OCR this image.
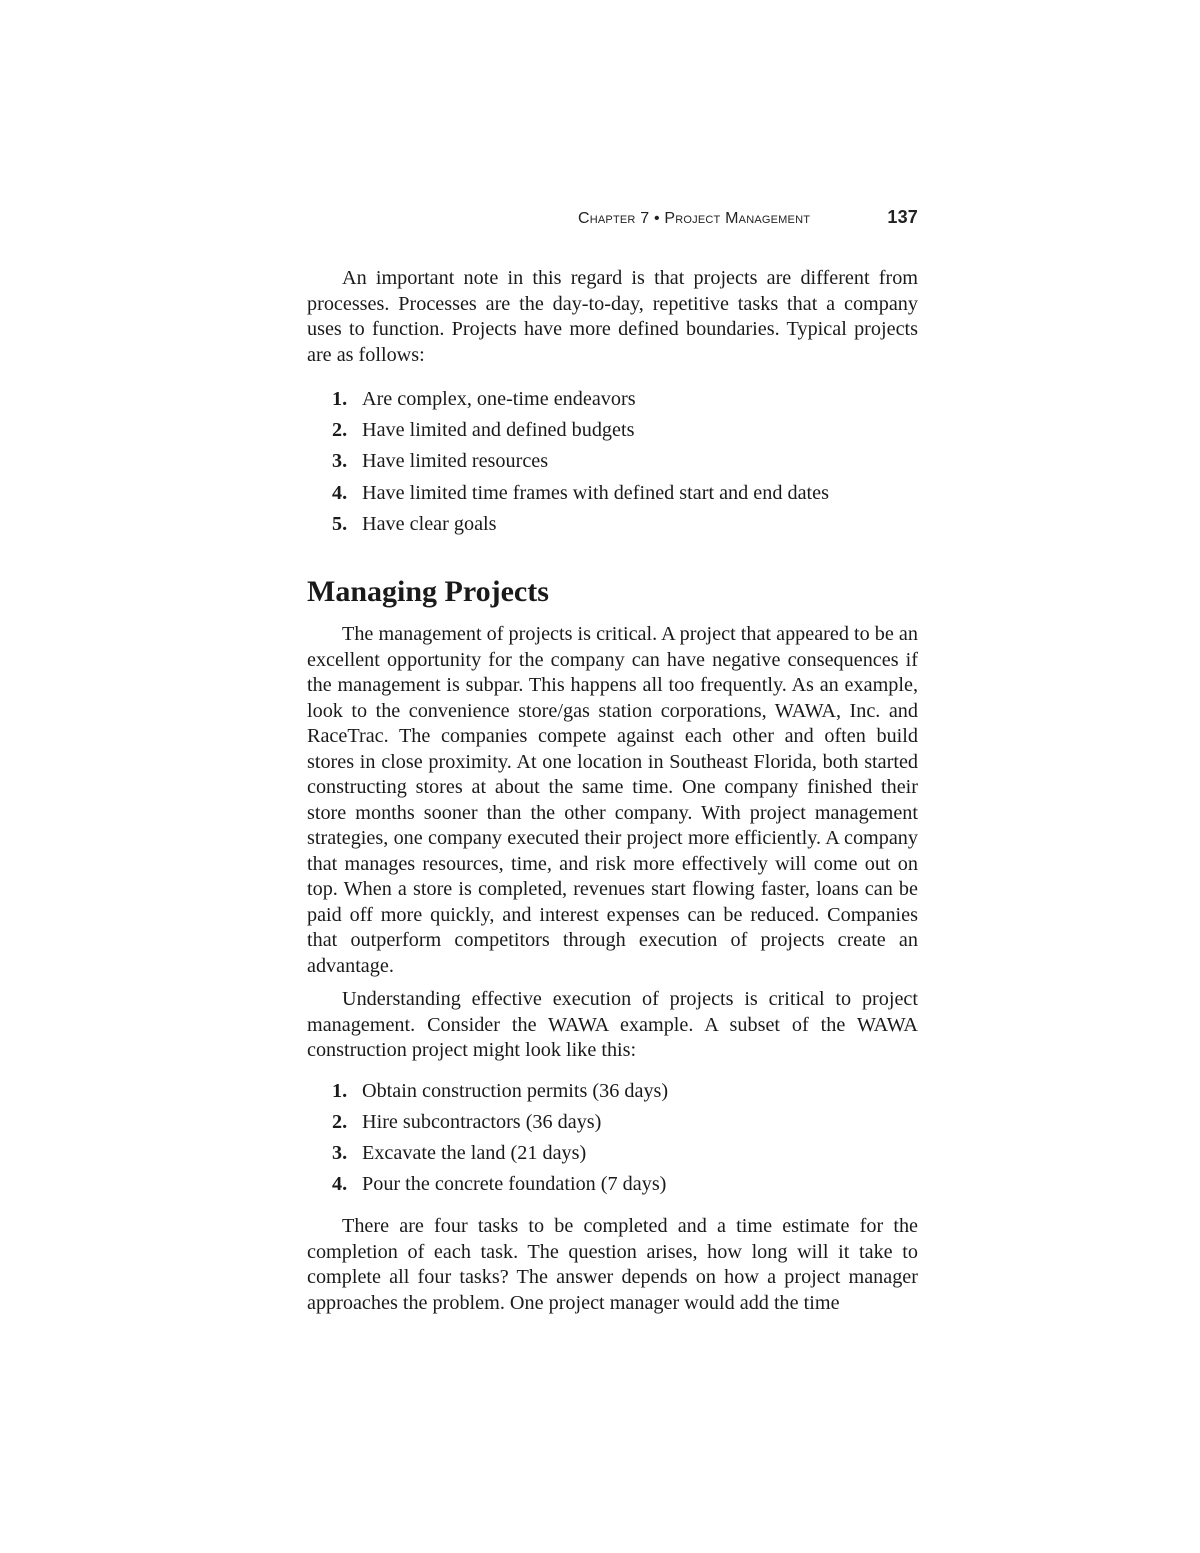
Chapter 7 • Project Management	137

An important note in this regard is that projects are different from processes. Processes are the day-to-day, repetitive tasks that a company uses to function. Projects have more defined boundaries. Typical projects are as follows:

1. Are complex, one-time endeavors
2. Have limited and defined budgets
3. Have limited resources
4. Have limited time frames with defined start and end dates
5. Have clear goals
Managing Projects

The management of projects is critical. A project that appeared to be an excellent opportunity for the company can have negative consequences if the management is subpar. This happens all too frequently. As an example, look to the convenience store/gas station corporations, WAWA, Inc. and RaceTrac. The companies compete against each other and often build stores in close proximity. At one location in Southeast Florida, both started constructing stores at about the same time. One company finished their store months sooner than the other company. With project management strategies, one company executed their project more efficiently. A company that manages resources, time, and risk more effectively will come out on top. When a store is completed, revenues start flowing faster, loans can be paid off more quickly, and interest expenses can be reduced. Companies that outperform competitors through execution of projects create an advantage.

Understanding effective execution of projects is critical to project management. Consider the WAWA example. A subset of the WAWA construction project might look like this:

1. Obtain construction permits (36 days)
2. Hire subcontractors (36 days)
3. Excavate the land (21 days)
4. Pour the concrete foundation (7 days)

There are four tasks to be completed and a time estimate for the completion of each task. The question arises, how long will it take to complete all four tasks? The answer depends on how a project manager approaches the problem. One project manager would add the time
